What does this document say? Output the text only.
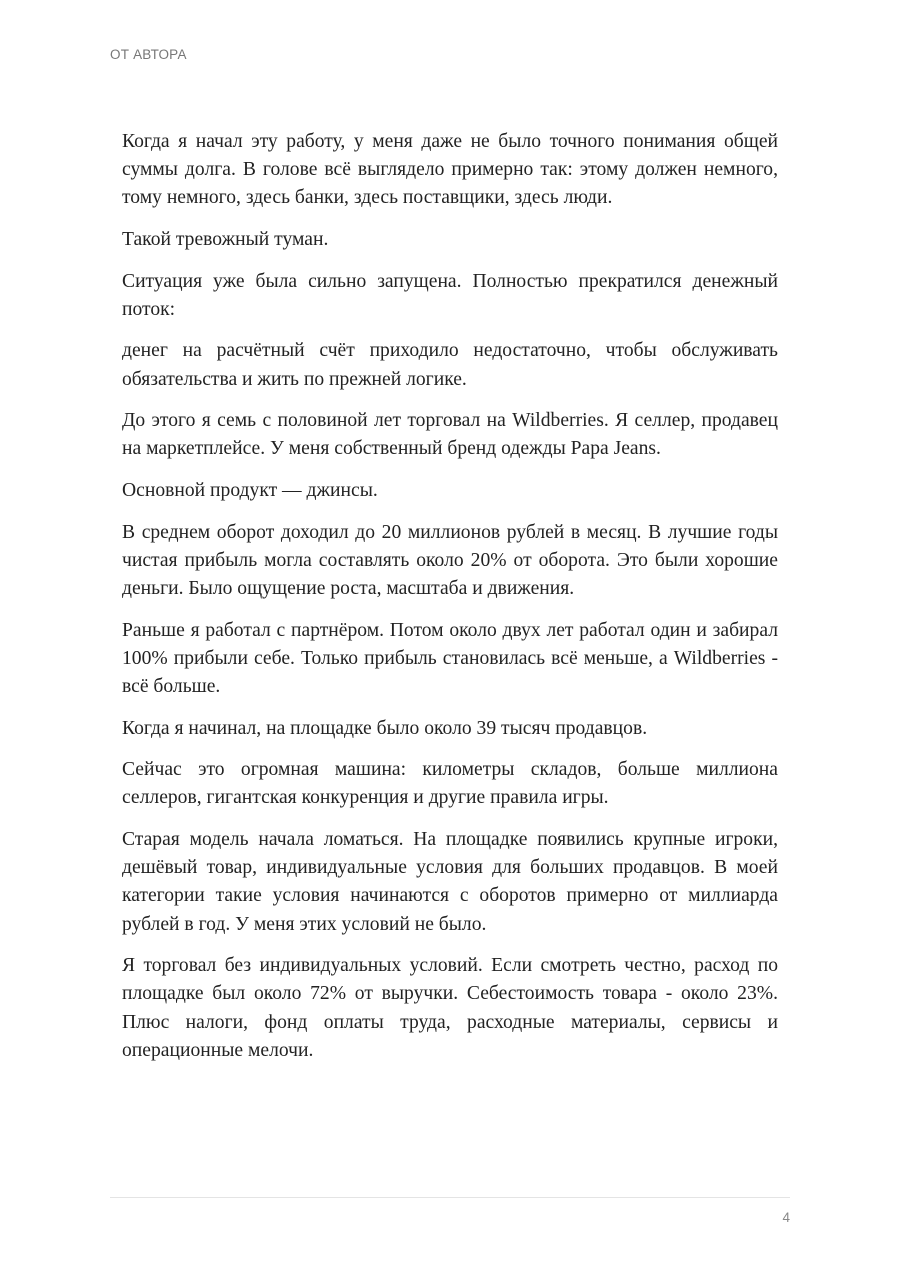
ОТ АВТОРА

Когда я начал эту работу, у меня даже не было точного понимания общей суммы долга. В голове всё выглядело примерно так: этому должен немного, тому немного, здесь банки, здесь поставщики, здесь люди.

Такой тревожный туман.

Ситуация уже была сильно запущена. Полностью прекратился денежный поток:

денег на расчётный счёт приходило недостаточно, чтобы обслуживать обязательства и жить по прежней логике.

До этого я семь с половиной лет торговал на Wildberries. Я селлер, продавец на маркетплейсе. У меня собственный бренд одежды Papa Jeans.

Основной продукт — джинсы.

В среднем оборот доходил до 20 миллионов рублей в месяц. В лучшие годы чистая прибыль могла составлять около 20% от оборота. Это были хорошие деньги. Было ощущение роста, масштаба и движения.

Раньше я работал с партнёром. Потом около двух лет работал один и забирал 100% прибыли себе. Только прибыль становилась всё меньше, а Wildberries - всё больше.

Когда я начинал, на площадке было около 39 тысяч продавцов.

Сейчас это огромная машина: километры складов, больше миллиона селлеров, гигантская конкуренция и другие правила игры.

Старая модель начала ломаться. На площадке появились крупные игроки, дешёвый товар, индивидуальные условия для больших продавцов. В моей категории такие условия начинаются с оборотов примерно от миллиарда рублей в год. У меня этих условий не было.

Я торговал без индивидуальных условий. Если смотреть честно, расход по площадке был около 72% от выручки. Себестоимость товара - около 23%. Плюс налоги, фонд оплаты труда, расходные материалы, сервисы и операционные мелочи.

4
